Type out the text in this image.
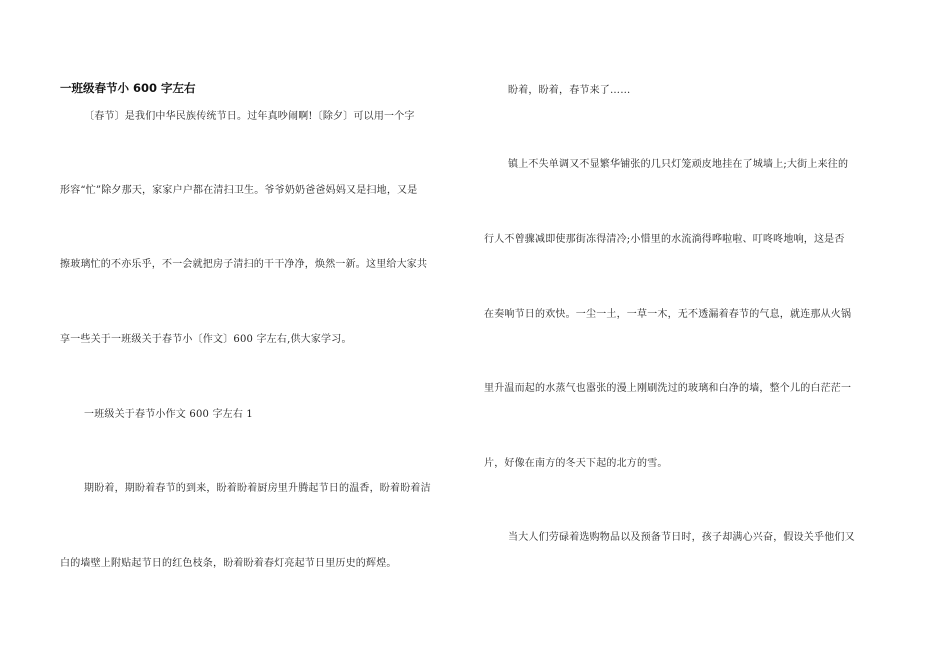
一班级春节小 600 字左右
〔春节〕是我们中华民族传统节日。过年真吵闹啊!〔除夕〕可以用一个字
形容“忙”除夕那天，家家户户都在清扫卫生。爷爷奶奶爸爸妈妈又是扫地，又是
擦玻璃忙的不亦乐乎，不一会就把房子清扫的干干净净，焕然一新。这里给大家共
享一些关于一班级关于春节小〔作文〕600 字左右,供大家学习。
一班级关于春节小作文 600 字左右 1
期盼着，期盼着春节的到来，盼着盼着厨房里升腾起节日的温香，盼着盼着洁
白的墙壁上附贴起节日的红色枝条，盼着盼着春灯亮起节日里历史的辉煌。
盼着，盼着，春节来了……
镇上不失单调又不显繁华铺张的几只灯笼顽皮地挂在了城墙上;大街上来往的
行人不曾骤减即使那街冻得清冷;小惜里的水流淌得哗啦啦、叮咚咚地响，这是否
在奏响节日的欢快。一尘一土，一草一木，无不透漏着春节的气息，就连那从火锅
里升温而起的水蒸气也嚣张的漫上刚刷洗过的玻璃和白净的墙，整个儿的白茫茫一
片，好像在南方的冬天下起的北方的雪。
当大人们劳碌着选购物品以及预备节日时，孩子却满心兴奋，假设关乎他们又
